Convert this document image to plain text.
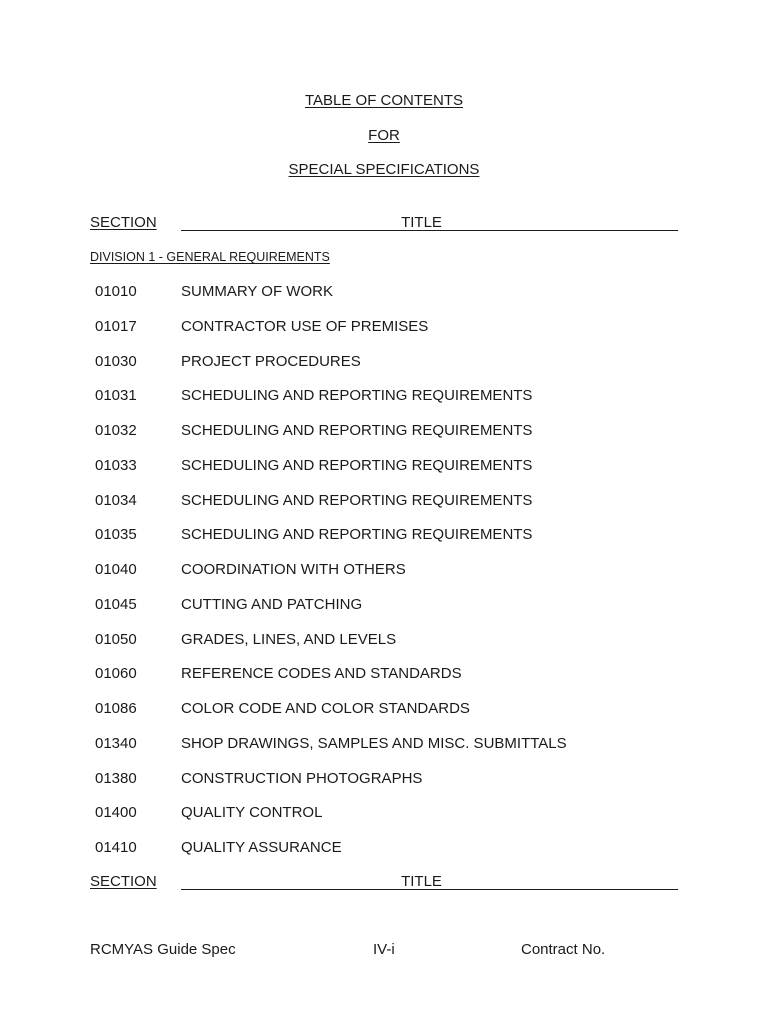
TABLE OF CONTENTS
FOR
SPECIAL SPECIFICATIONS
SECTION	TITLE
DIVISION 1 - GENERAL REQUIREMENTS
01010	SUMMARY OF WORK
01017	CONTRACTOR USE OF PREMISES
01030	PROJECT PROCEDURES
01031	SCHEDULING AND REPORTING REQUIREMENTS
01032	SCHEDULING AND REPORTING REQUIREMENTS
01033	SCHEDULING AND REPORTING REQUIREMENTS
01034	SCHEDULING AND REPORTING REQUIREMENTS
01035	SCHEDULING AND REPORTING REQUIREMENTS
01040	COORDINATION WITH OTHERS
01045	CUTTING AND PATCHING
01050	GRADES, LINES, AND LEVELS
01060	REFERENCE CODES AND STANDARDS
01086	COLOR CODE AND COLOR STANDARDS
01340	SHOP DRAWINGS, SAMPLES AND MISC. SUBMITTALS
01380	CONSTRUCTION PHOTOGRAPHS
01400	QUALITY CONTROL
01410	QUALITY ASSURANCE
SECTION	TITLE
RCMYAS Guide Spec	IV-i	Contract No.
